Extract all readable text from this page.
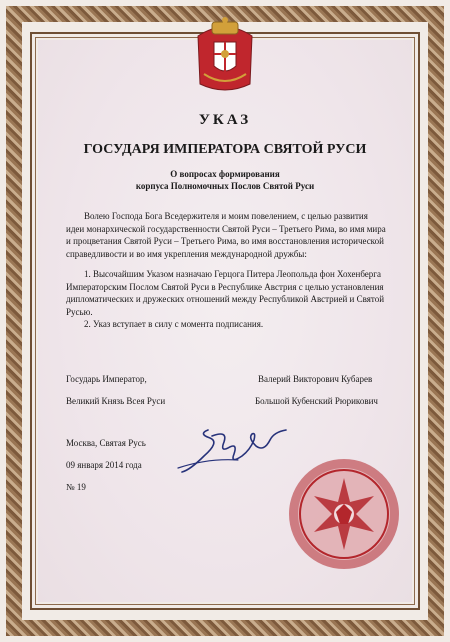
УКАЗ
ГОСУДАРЯ ИМПЕРАТОРА СВЯТОЙ РУСИ
О вопросах формирования
корпуса Полномочных Послов Святой Руси
Волею Господа Бога Вседержителя и моим повелением, с целью развития идеи монархической государственности Святой Руси – Третьего Рима, во имя мира и процветания Святой Руси – Третьего Рима, во имя восстановления исторической справедливости и во имя укрепления международной дружбы:
1. Высочайшим Указом назначаю Герцога Питера Леопольда фон Хохенберга Императорским Послом Святой Руси в Республике Австрия с целью установления дипломатических и дружеских отношений между Республикой Австрией и Святой Русью.
2. Указ вступает в силу с момента подписания.
Государь Император,
Великий Князь Всея Руси
Валерий Викторович Кубарев
Большой Кубенский Рюрикович
Москва, Святая Русь
09 января 2014 года
№ 19
